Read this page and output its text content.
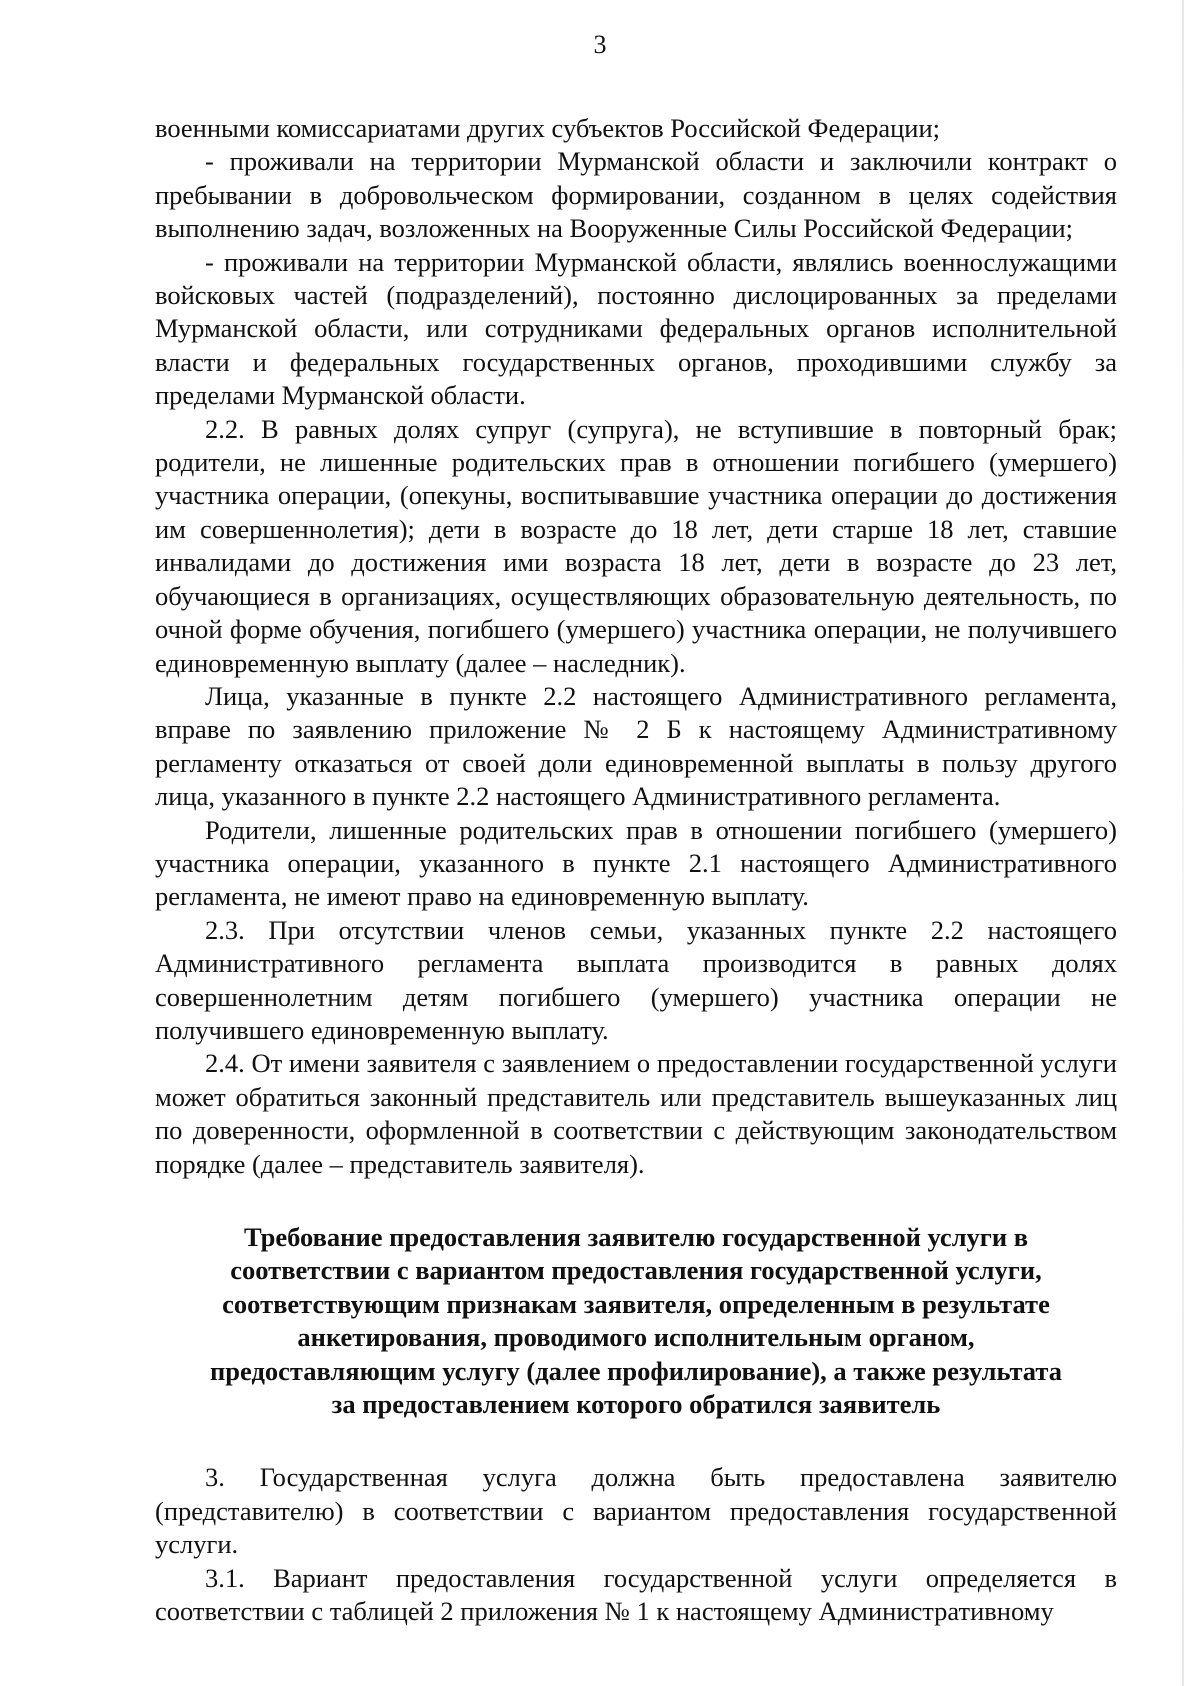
3

военными комиссариатами других субъектов Российской Федерации;

- проживали на территории Мурманской области и заключили контракт о пребывании в добровольческом формировании, созданном в целях содействия выполнению задач, возложенных на Вооруженные Силы Российской Федерации;

- проживали на территории Мурманской области, являлись военнослужащими войсковых частей (подразделений), постоянно дислоцированных за пределами Мурманской области, или сотрудниками федеральных органов исполнительной власти и федеральных государственных органов, проходившими службу за пределами Мурманской области.

2.2. В равных долях супруг (супруга), не вступившие в повторный брак; родители, не лишенные родительских прав в отношении погибшего (умершего) участника операции, (опекуны, воспитывавшие участника операции до достижения им совершеннолетия); дети в возрасте до 18 лет, дети старше 18 лет, ставшие инвалидами до достижения ими возраста 18 лет, дети в возрасте до 23 лет, обучающиеся в организациях, осуществляющих образовательную деятельность, по очной форме обучения, погибшего (умершего) участника операции, не получившего единовременную выплату (далее – наследник).

Лица, указанные в пункте 2.2 настоящего Административного регламента, вправе по заявлению приложение № 2 Б к настоящему Административному регламенту отказаться от своей доли единовременной выплаты в пользу другого лица, указанного в пункте 2.2 настоящего Административного регламента.

Родители, лишенные родительских прав в отношении погибшего (умершего) участника операции, указанного в пункте 2.1 настоящего Административного регламента, не имеют право на единовременную выплату.

2.3. При отсутствии членов семьи, указанных пункте 2.2 настоящего Административного регламента выплата производится в равных долях совершеннолетним детям погибшего (умершего) участника операции не получившего единовременную выплату.

2.4. От имени заявителя с заявлением о предоставлении государственной услуги может обратиться законный представитель или представитель вышеуказанных лиц по доверенности, оформленной в соответствии с действующим законодательством порядке (далее – представитель заявителя).

Требование предоставления заявителю государственной услуги в соответствии с вариантом предоставления государственной услуги, соответствующим признакам заявителя, определенным в результате анкетирования, проводимого исполнительным органом, предоставляющим услугу (далее профилирование), а также результата за предоставлением которого обратился заявитель

3. Государственная услуга должна быть предоставлена заявителю (представителю) в соответствии с вариантом предоставления государственной услуги.

3.1. Вариант предоставления государственной услуги определяется в соответствии с таблицей 2 приложения № 1 к настоящему Административному
